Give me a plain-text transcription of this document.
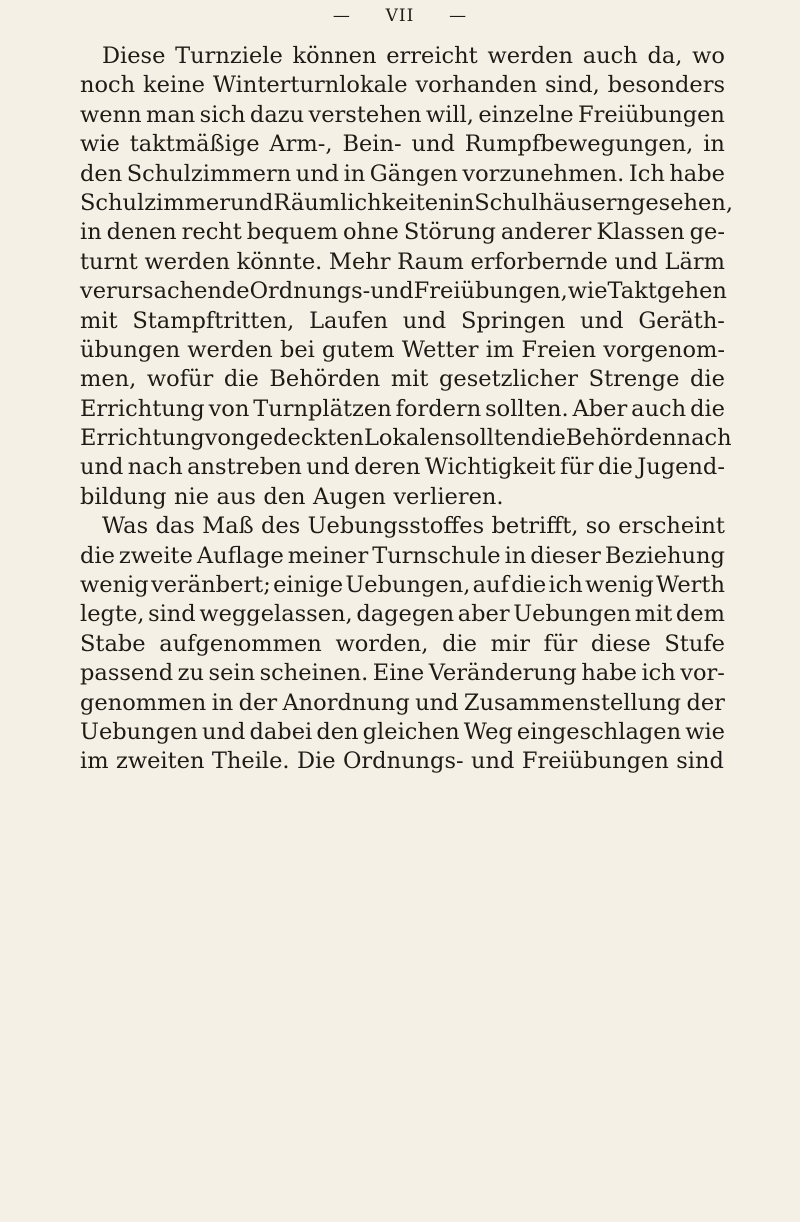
— VII —
Diese Turnziele können erreicht werden auch da, wo
noch keine Winterturnlokale vorhanden sind, besonders
wenn man sich dazu verstehen will, einzelne Freiübungen
wie taktmäßige Arm-, Bein- und Rumpfbewegungen, in
den Schulzimmern und in Gängen vorzunehmen. Ich habe
Schulzimmer und Räumlichkeiten in Schulhäusern gesehen,
in denen recht bequem ohne Störung anderer Klassen ge-
turnt werden könnte. Mehr Raum erforbernde und Lärm
verursachende Ordnungs- und Freiübungen, wie Taktgehen
mit Stampftritten, Laufen und Springen und Geräth-
übungen werden bei gutem Wetter im Freien vorgenom-
men, wofür die Behörden mit gesetzlicher Strenge die
Errichtung von Turnplätzen fordern sollten. Aber auch die
Errichtung von gedeckten Lokalen sollten die Behörden nach
und nach anstreben und deren Wichtigkeit für die Jugend-
bildung nie aus den Augen verlieren.
Was das Maß des Uebungsstoffes betrifft, so erscheint
die zweite Auflage meiner Turnschule in dieser Beziehung
wenig veränbert; einige Uebungen, auf die ich wenig Werth
legte, sind weggelassen, dagegen aber Uebungen mit dem
Stabe aufgenommen worden, die mir für diese Stufe
passend zu sein scheinen. Eine Veränderung habe ich vor-
genommen in der Anordnung und Zusammenstellung der
Uebungen und dabei den gleichen Weg eingeschlagen wie
im zweiten Theile. Die Ordnungs- und Freiübungen sind
